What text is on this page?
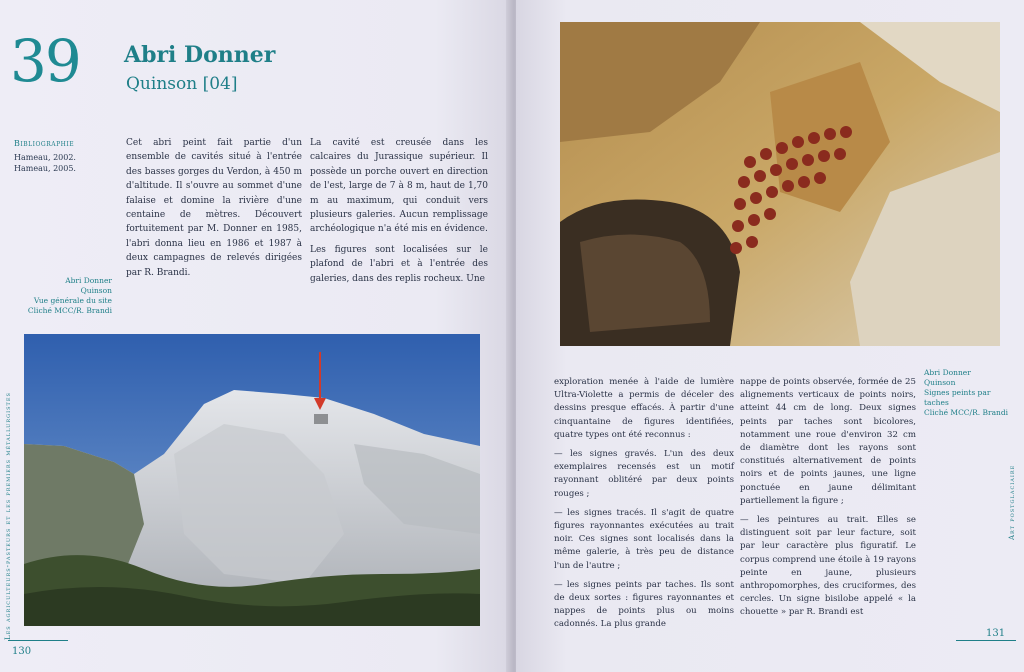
39 Abri Donner
Quinson [04]
Bibliographie
Hameau, 2002.
Hameau, 2005.
Abri Donner
Quinson
Vue générale du site
Cliché MCC/R. Brandi

Cet abri peint fait partie d'un ensemble de cavités situé à l'entrée des basses gorges du Verdon, à 450 m d'altitude. Il s'ouvre au sommet d'une falaise et domine la rivière d'une centaine de mètres. Découvert fortuitement par M. Donner en 1985, l'abri donna lieu en 1986 et 1987 à deux campagnes de relevés dirigées par R. Brandi.

La cavité est creusée dans les calcaires du Jurassique supérieur. Il possède un porche ouvert en direction de l'est, large de 7 à 8 m, haut de 1,70 m au maximum, qui conduit vers plusieurs galeries. Aucun remplissage archéologique n'a été mis en évidence.

Les figures sont localisées sur le plafond de l'abri et à l'entrée des galeries, dans des replis rocheux. Une

Les agriculteurs-pasteurs et les premiers métallurgistes
130
Abri Donner
Quinson
Signes peints par taches
Cliché MCC/R. Brandi

exploration menée à l'aide de lumière Ultra-Violette a permis de déceler des dessins presque effacés. À partir d'une cinquantaine de figures identifiées, quatre types ont été reconnus :

— les signes gravés. L'un des deux exemplaires recensés est un motif rayonnant oblitéré par deux points rouges ;

— les signes tracés. Il s'agit de quatre figures rayonnantes exécutées au trait noir. Ces signes sont localisés dans la même galerie, à très peu de distance l'un de l'autre ;

— les signes peints par taches. Ils sont de deux sortes : figures rayonnantes et nappes de points plus ou moins cadonnés. La plus grande

nappe de points observée, formée de 25 alignements verticaux de points noirs, atteint 44 cm de long. Deux signes peints par taches sont bicolores, notamment une roue d'environ 32 cm de diamètre dont les rayons sont constitués alternativement de points noirs et de points jaunes, une ligne ponctuée en jaune délimitant partiellement la figure ;

— les peintures au trait. Elles se distinguent soit par leur facture, soit par leur caractère plus figuratif. Le corpus comprend une étoile à 19 rayons peinte en jaune, plusieurs anthropomorphes, des cruciformes, des cercles. Un signe bisilobe appelé « la chouette » par R. Brandi est

Art postglaciaire
131
